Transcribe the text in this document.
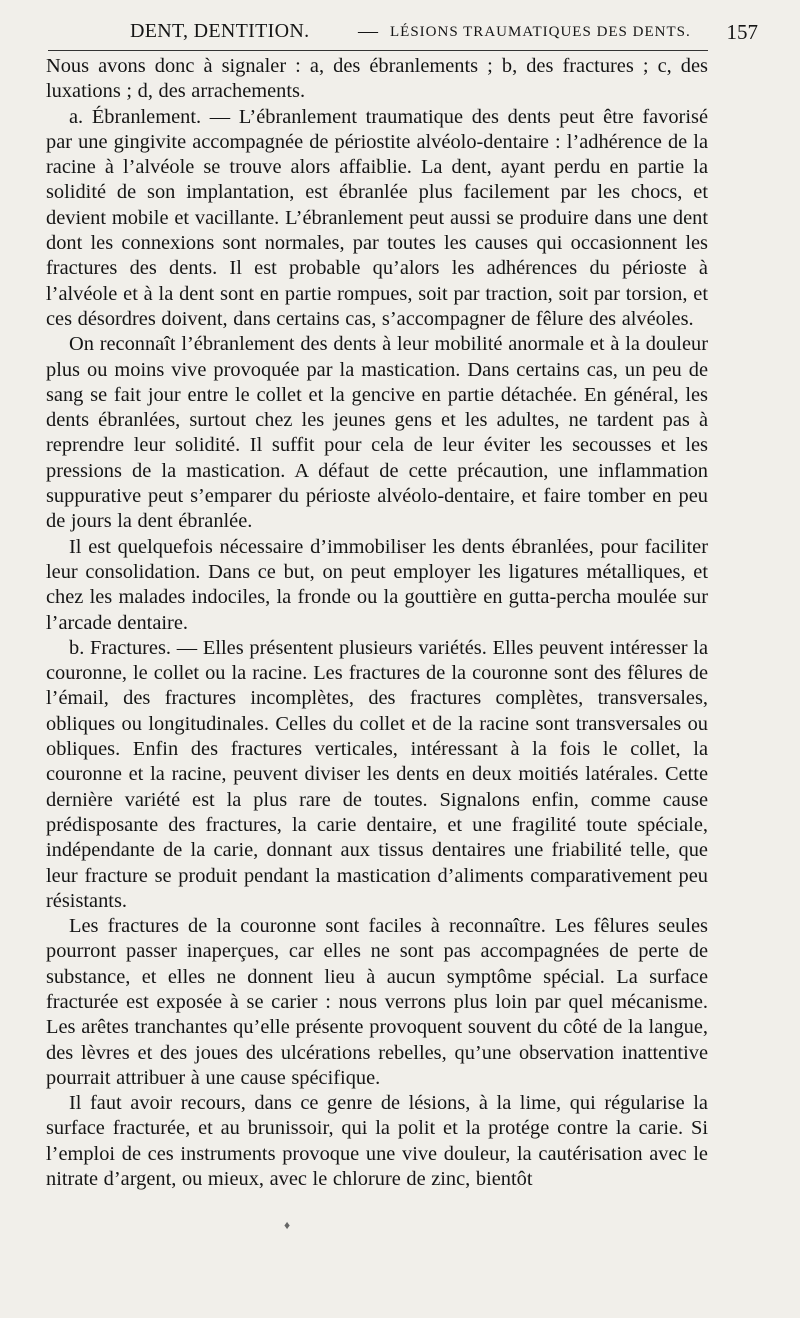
DENT, DENTITION. — LÉSIONS TRAUMATIQUES DES DENTS. 157

Nous avons donc à signaler : a, des ébranlements ; b, des fractures ; c, des luxations ; d, des arrachements.

a. Ébranlement. — L’ébranlement traumatique des dents peut être favorisé par une gingivite accompagnée de périostite alvéolo-dentaire : l’adhérence de la racine à l’alvéole se trouve alors affaiblie. La dent, ayant perdu en partie la solidité de son implantation, est ébranlée plus facilement par les chocs, et devient mobile et vacillante. L’ébranlement peut aussi se produire dans une dent dont les connexions sont normales, par toutes les causes qui occasionnent les fractures des dents. Il est probable qu’alors les adhérences du périoste à l’alvéole et à la dent sont en partie rompues, soit par traction, soit par torsion, et ces désordres doivent, dans certains cas, s’accompagner de fêlure des alvéoles.

On reconnaît l’ébranlement des dents à leur mobilité anormale et à la douleur plus ou moins vive provoquée par la mastication. Dans certains cas, un peu de sang se fait jour entre le collet et la gencive en partie détachée. En général, les dents ébranlées, surtout chez les jeunes gens et les adultes, ne tardent pas à reprendre leur solidité. Il suffit pour cela de leur éviter les secousses et les pressions de la mastication. A défaut de cette précaution, une inflammation suppurative peut s’emparer du périoste alvéolo-dentaire, et faire tomber en peu de jours la dent ébranlée.

Il est quelquefois nécessaire d’immobiliser les dents ébranlées, pour faciliter leur consolidation. Dans ce but, on peut employer les ligatures métalliques, et chez les malades indociles, la fronde ou la gouttière en gutta-percha moulée sur l’arcade dentaire.

b. Fractures. — Elles présentent plusieurs variétés. Elles peuvent intéresser la couronne, le collet ou la racine. Les fractures de la couronne sont des fêlures de l’émail, des fractures incomplètes, des fractures complètes, transversales, obliques ou longitudinales. Celles du collet et de la racine sont transversales ou obliques. Enfin des fractures verticales, intéressant à la fois le collet, la couronne et la racine, peuvent diviser les dents en deux moitiés latérales. Cette dernière variété est la plus rare de toutes. Signalons enfin, comme cause prédisposante des fractures, la carie dentaire, et une fragilité toute spéciale, indépendante de la carie, donnant aux tissus dentaires une friabilité telle, que leur fracture se produit pendant la mastication d’aliments comparativement peu résistants.

Les fractures de la couronne sont faciles à reconnaître. Les fêlures seules pourront passer inaperçues, car elles ne sont pas accompagnées de perte de substance, et elles ne donnent lieu à aucun symptôme spécial. La surface fracturée est exposée à se carier : nous verrons plus loin par quel mécanisme. Les arêtes tranchantes qu’elle présente provoquent souvent du côté de la langue, des lèvres et des joues des ulcérations rebelles, qu’une observation inattentive pourrait attribuer à une cause spécifique.

Il faut avoir recours, dans ce genre de lésions, à la lime, qui régularise la surface fracturée, et au brunissoir, qui la polit et la protége contre la carie. Si l’emploi de ces instruments provoque une vive douleur, la cautérisation avec le nitrate d’argent, ou mieux, avec le chlorure de zinc, bientôt

♦
